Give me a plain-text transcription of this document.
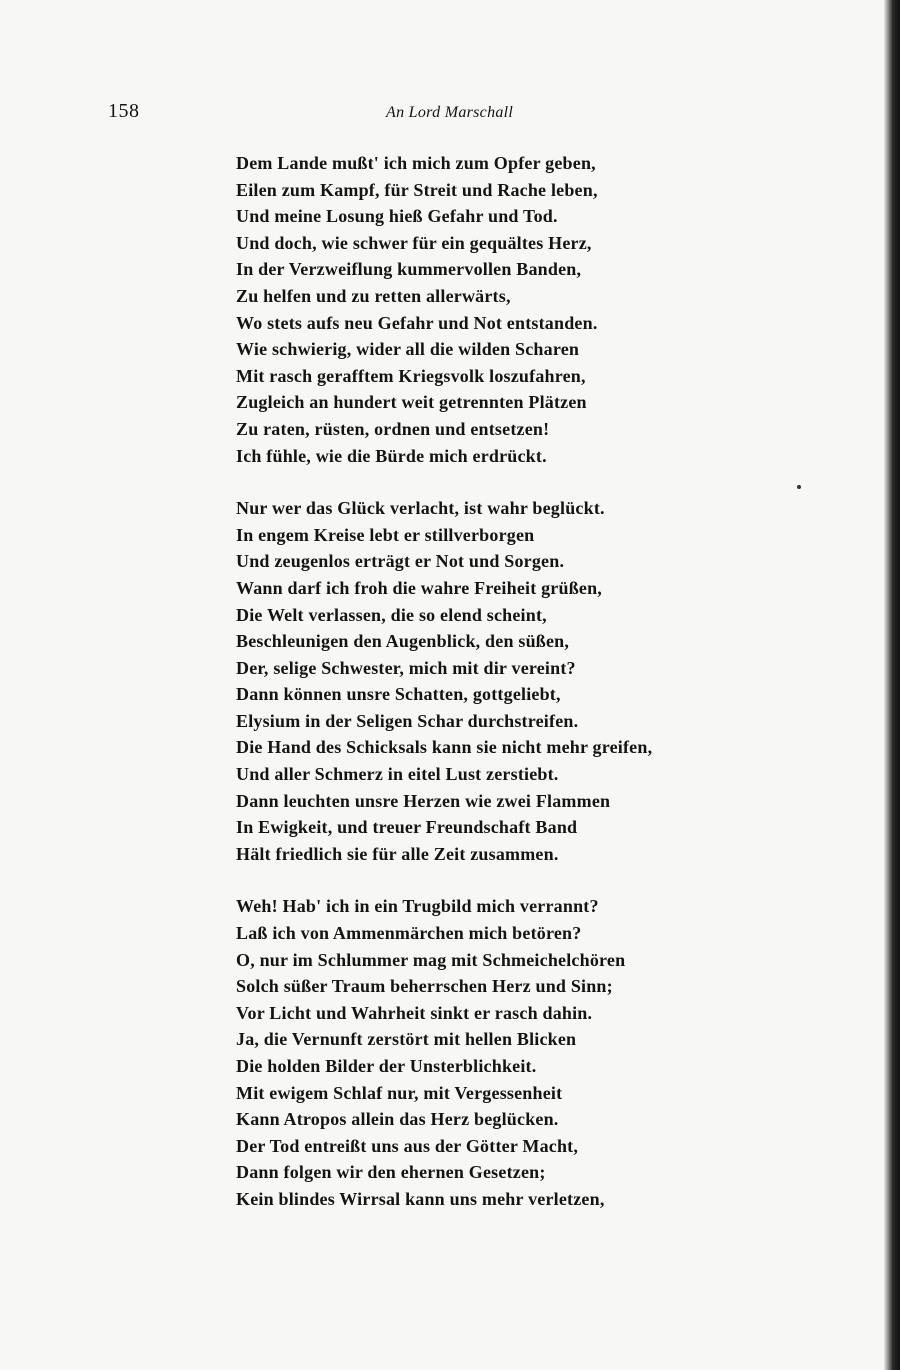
158	An Lord Marschall
Dem Lande mußt' ich mich zum Opfer geben,
Eilen zum Kampf, für Streit und Rache leben,
Und meine Losung hieß Gefahr und Tod.
Und doch, wie schwer für ein gequältes Herz,
In der Verzweiflung kummervollen Banden,
Zu helfen und zu retten allerwärts,
Wo stets aufs neu Gefahr und Not entstanden.
Wie schwierig, wider all die wilden Scharen
Mit rasch gerafftem Kriegsvolk loszufahren,
Zugleich an hundert weit getrennten Plätzen
Zu raten, rüsten, ordnen und entsetzen!
Ich fühle, wie die Bürde mich erdrückt.
Nur wer das Glück verlacht, ist wahr beglückt.
In engem Kreise lebt er stillverborgen
Und zeugenlos erträgt er Not und Sorgen.
Wann darf ich froh die wahre Freiheit grüßen,
Die Welt verlassen, die so elend scheint,
Beschleunigen den Augenblick, den süßen,
Der, selige Schwester, mich mit dir vereint?
Dann können unsre Schatten, gottgeliebt,
Elysium in der Seligen Schar durchstreifen.
Die Hand des Schicksals kann sie nicht mehr greifen,
Und aller Schmerz in eitel Lust zerstiebt.
Dann leuchten unsre Herzen wie zwei Flammen
In Ewigkeit, und treuer Freundschaft Band
Hält friedlich sie für alle Zeit zusammen.
Weh! Hab' ich in ein Trugbild mich verrannt?
Laß ich von Ammenmärchen mich betören?
O, nur im Schlummer mag mit Schmeichelchören
Solch süßer Traum beherrschen Herz und Sinn;
Vor Licht und Wahrheit sinkt er rasch dahin.
Ja, die Vernunft zerstört mit hellen Blicken
Die holden Bilder der Unsterblichkeit.
Mit ewigem Schlaf nur, mit Vergessenheit
Kann Atropos allein das Herz beglücken.
Der Tod entreißt uns aus der Götter Macht,
Dann folgen wir den ehernen Gesetzen;
Kein blindes Wirrsal kann uns mehr verletzen,
